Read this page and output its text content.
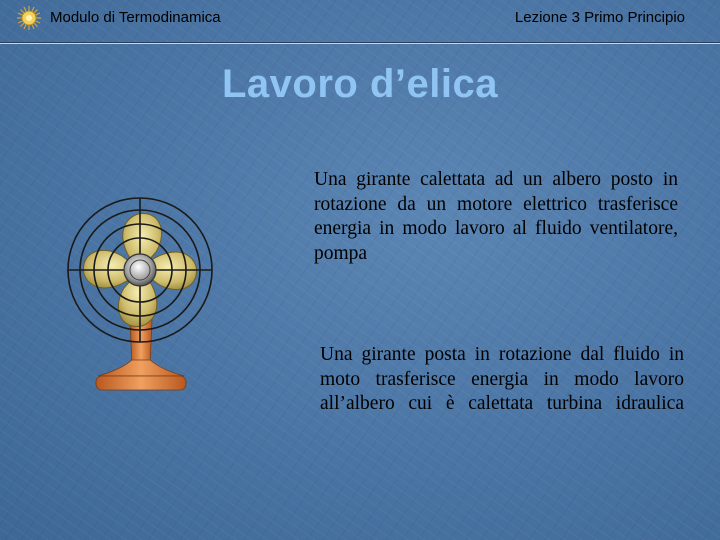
Modulo di Termodinamica	Lezione 3 Primo Principio
Lavoro d’elica
Una girante calettata ad un albero posto in rotazione da un motore elettrico trasferisce energia in modo lavoro al fluido ventilatore, pompa
Una girante posta in rotazione dal fluido in moto trasferisce energia in modo lavoro all’albero cui è calettata turbina idraulica
